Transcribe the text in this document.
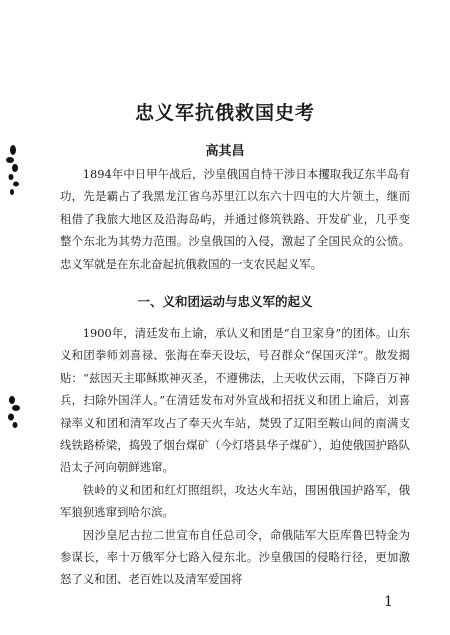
忠义军抗俄救国史考
高其昌

1894年中日甲午战后，沙皇俄国自恃干涉日本攫取我辽东半岛有功，先是霸占了我黑龙江省乌苏里江以东六十四屯的大片领土，继而租借了我旅大地区及沿海岛屿，并通过修筑铁路、开发矿业，几乎变整个东北为其势力范围。沙皇俄国的入侵，激起了全国民众的公愤。忠义军就是在东北奋起抗俄救国的一支农民起义军。

一、义和团运动与忠义军的起义

1900年，清廷发布上谕，承认义和团是“自卫家身”的团体。山东义和团拳师刘喜禄、张海在奉天设坛，号召群众“保国灭洋”。散发揭贴：“兹因天主耶稣欺神灭圣，不遵佛法，上天收伏云雨，下降百万神兵，扫除外国洋人。”在清廷发布对外宣战和招抚义和团上谕后，刘喜禄率义和团和清军攻占了奉天火车站，焚毁了辽阳至鞍山间的南满支线铁路桥梁，捣毁了烟台煤矿（今灯塔县华子煤矿），迫使俄国护路队沿太子河向朝鲜逃窜。

铁岭的义和团和红灯照组织，攻达火车站，围困俄国护路军，俄军狼狈逃窜到哈尔滨。

因沙皇尼古拉二世宣布自任总司令，命俄陆军大臣库鲁巴特金为参谋长，率十万俄军分七路入侵东北。沙皇俄国的侵略行径，更加激怒了义和团、老百姓以及清军爱国将

1
